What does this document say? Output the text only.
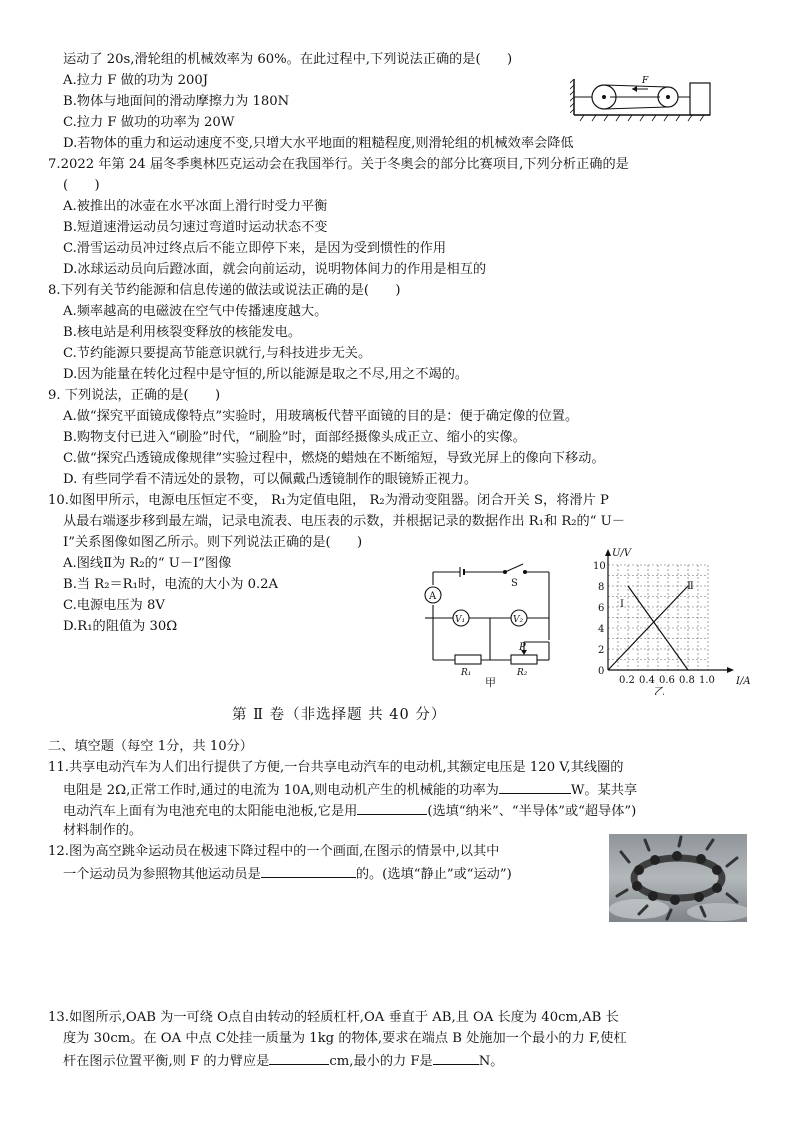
运动了 20s,滑轮组的机械效率为 60%。在此过程中,下列说法正确的是(　　)
A.拉力 F 做的功为 200J
B.物体与地面间的滑动摩擦力为 180N
C.拉力 F 做功的功率为 20W
D.若物体的重力和运动速度不变,只增大水平地面的粗糙程度,则滑轮组的机械效率会降低
F
7.2022 年第 24 届冬季奥林匹克运动会在我国举行。关于冬奥会的部分比赛项目,下列分析正确的是
(　　)
A.被推出的冰壶在水平冰面上滑行时受力平衡
B.短道速滑运动员匀速过弯道时运动状态不变
C.滑雪运动员冲过终点后不能立即停下来，是因为受到惯性的作用
D.冰球运动员向后蹬冰面，就会向前运动，说明物体间力的作用是相互的
8.下列有关节约能源和信息传递的做法或说法正确的是(　　)
A.频率越高的电磁波在空气中传播速度越大。
B.核电站是利用核裂变释放的核能发电。
C.节约能源只要提高节能意识就行,与科技进步无关。
D.因为能量在转化过程中是守恒的,所以能源是取之不尽,用之不竭的。
9. 下列说法，正确的是(　　)
A.做“探究平面镜成像特点”实验时，用玻璃板代替平面镜的目的是：便于确定像的位置。
B.购物支付已进入“刷脸”时代，“刷脸”时，面部经摄像头成正立、缩小的实像。
C.做“探究凸透镜成像规律”实验过程中，燃烧的蜡烛在不断缩短，导致光屏上的像向下移动。
D. 有些同学看不清远处的景物，可以佩戴凸透镜制作的眼镜矫正视力。
10.如图甲所示，电源电压恒定不变， R₁为定值电阻， R₂为滑动变阻器。闭合开关 S，将滑片 P
从最右端逐步移到最左端，记录电流表、电压表的示数，并根据记录的数据作出 R₁和 R₂的“ U－
I”关系图像如图乙所示。则下列说法正确的是(　　)
A.图线Ⅱ为 R₂的“ U－I”图像
B.当 R₂＝R₁时，电流的大小为 0.2A
C.电源电压为 8V
D.R₁的阻值为 30Ω
A
S
V₁	V₂
P
R₁	R₂
甲
U/V
I/A
0
2
4
6
8
10
0.2 0.4 0.6 0.8 1.0
Ⅰ
Ⅱ
乙
第 Ⅱ 卷（非选择题 共 40 分）
二、填空题（每空 1分，共 10分）
11.共享电动汽车为人们出行提供了方便,一台共享电动汽车的电动机,其额定电压是 120 V,其线圈的
电阻是 2Ω,正常工作时,通过的电流为 10A,则电动机产生的机械能的功率为	W。某共享
电动汽车上面有为电池充电的太阳能电池板,它是用	(选填“纳米”、“半导体”或“超导体”)
材料制作的。
12.图为高空跳伞运动员在极速下降过程中的一个画面,在图示的情景中,以其中
一个运动员为参照物其他运动员是	的。(选填“静止”或“运动”)
13.如图所示,OAB 为一可绕 O点自由转动的轻质杠杆,OA 垂直于 AB,且 OA 长度为 40cm,AB 长
度为 30cm。在 OA 中点 C处挂一质量为 1kg 的物体,要求在端点 B 处施加一个最小的力 F,使杠
杆在图示位置平衡,则 F 的力臂应是	cm,最小的力 F是	N。
